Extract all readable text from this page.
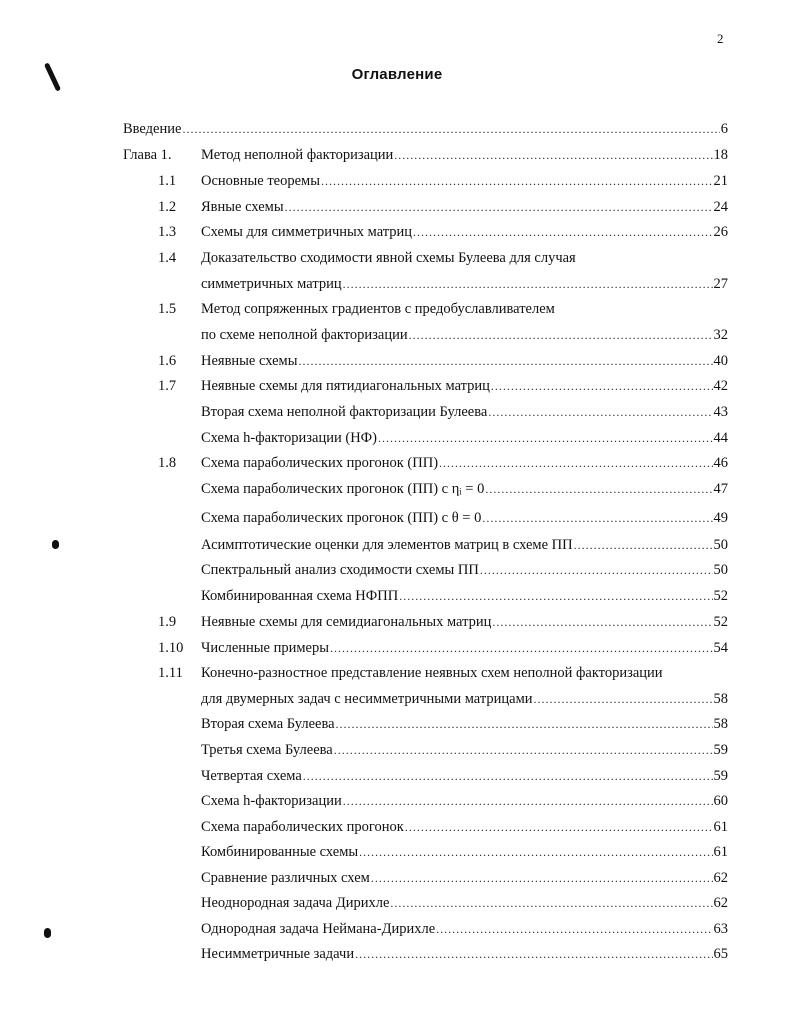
2
Оглавление
Введение .....	6
Глава 1. Метод неполной факторизации .....	18
1.1 Основные теоремы .....	21
1.2 Явные схемы .....	24
1.3 Схемы для симметричных матриц .....	26
1.4 Доказательство сходимости явной схемы Булеева для случая
симметричных матриц .....	27
1.5 Метод сопряженных градиентов с предобуславливателем
по схеме неполной факторизации .....	32
1.6 Неявные схемы .....	40
1.7 Неявные схемы для пятидиагональных матриц .....	42
Вторая схема неполной факторизации Булеева .....	43
Схема h-факторизации (НФ) .....	44
1.8 Схема параболических прогонок (ПП) .....	46
Схема параболических прогонок (ПП) с ηᵢ = 0 .....	47
Схема параболических прогонок (ПП) с θ = 0 .....	49
Асимптотические оценки для элементов матриц в схеме ПП .....	50
Спектральный анализ сходимости схемы ПП .....	50
Комбинированная схема НФПП .....	52
1.9 Неявные схемы для семидиагональных матриц .....	52
1.10 Численные примеры .....	54
1.11 Конечно-разностное представление неявных схем неполной факторизации
для двумерных задач с несимметричными матрицами .....	58
Вторая схема Булеева .....	58
Третья схема Булеева .....	59
Четвертая схема .....	59
Схема h-факторизации .....	60
Схема параболических прогонок .....	61
Комбинированные схемы .....	61
Сравнение различных схем .....	62
Неоднородная задача Дирихле .....	62
Однородная задача Неймана-Дирихле .....	63
Несимметричные задачи .....	65
